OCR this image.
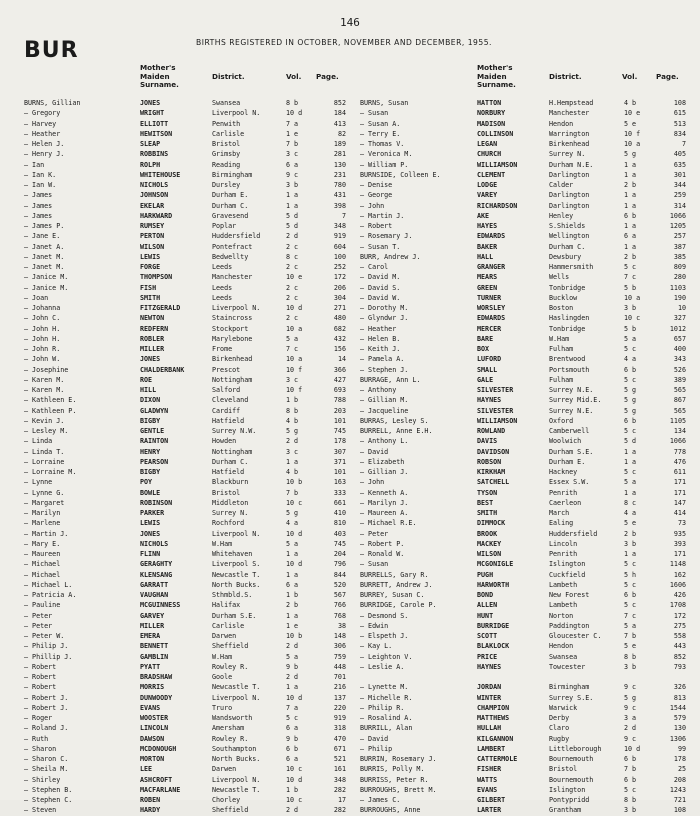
146
BUR	BIRTHS REGISTERED IN OCTOBER, NOVEMBER AND DECEMBER, 1955.
Mother's
Maiden
Surname.
District.	Vol. Page.
BURNS, Gillian	JONES	Swansea	8 b	852
— Gregory	WRIGHT	Liverpool N.	10 d	184
— Harvey	ELLIOTT	Penwith	7 a	413
— Heather	HEWITSON	Carlisle	1 e	82
— Helen J.	SLEAP	Bristol	7 b	189
— Henry J.	ROBBINS	Grimsby	3 c	281
— Ian	ROLPH	Reading	6 a	130
— Ian K.	WHITEHOUSE	Birmingham	9 c	231
— Ian W.	NICHOLS	Dursley	3 b	780
— James	JOHNSON	Durham E.	1 a	431
— James	EKELAR	Durham C.	1 a	398
— James	HARKWARD	Gravesend	5 d	7
— James P.	RUMSEY	Poplar	5 d	348
— Jane E.	PERTON	Huddersfield	2 d	919
— Janet A.	WILSON	Pontefract	2 c	604
— Janet M.	LEWIS	Bedwellty	8 c	100
— Janet M.	FORGE	Leeds	2 c	252
— Janice M.	THOMPSON	Manchester	10 e	172
— Janice M.	FISH	Leeds	2 c	206
— Joan	SMITH	Leeds	2 c	304
— Johanna	FITZGERALD	Liverpool N.	10 d	271
— John C.	NEWTON	Staincross	2 c	480
— John H.	REDFERN	Stockport	10 a	682
— John H.	ROBLER	Marylebone	5 a	432
— John R.	MILLER	Frome	7 c	156
— John W.	JONES	Birkenhead	10 a	14
— Josephine	CHALDERBANK	Prescot	10 f	366
— Karen M.	ROE	Nottingham	3 c	427
— Karen M.	HILL	Salford	10 f	693
— Kathleen E.	DIXON	Cleveland	1 b	788
— Kathleen P.	GLADWYN	Cardiff	8 b	203
— Kevin J.	BIGBY	Hatfield	4 b	101
— Lesley M.	GENTLE	Surrey N.W.	5 g	745
— Linda	RAINTON	Howden	2 d	178
— Linda T.	HENRY	Nottingham	3 c	307
— Lorraine	PEARSON	Durham C.	1 a	371
— Lorraine M.	BIGBY	Hatfield	4 b	101
— Lynne	POY	Blackburn	10 b	163
— Lynne G.	BOWLE	Bristol	7 b	333
— Margaret	ROBINSON	Middleton	10 c	661
— Marilyn	PARKER	Surrey N.	5 g	410
— Marlene	LEWIS	Rochford	4 a	810
— Martin J.	JONES	Liverpool N.	10 d	403
— Mary E.	NICHOLS	W.Ham	5 a	745
— Maureen	FLINN	Whitehaven	1 a	204
— Michael	GERAGHTY	Liverpool S.	10 d	796
— Michael	KLENSANG	Newcastle T.	1 a	844
— Michael L.	GARRATT	North Bucks.	6 a	520
— Patricia A.	VAUGHAN	Sthmbld.S.	1 b	567
— Pauline	MCGUINNESS	Halifax	2 b	766
— Peter	GARVEY	Durham S.E.	1 a	768
— Peter	MILLER	Carlisle	1 e	38
— Peter W.	EMERA	Darwen	10 b	148
— Philip J.	BENNETT	Sheffield	2 d	306
— Phillip J.	GAMBLIN	W.Ham	5 a	759
— Robert	PYATT	Rowley R.	9 b	448
— Robert	BRADSHAW	Goole	2 d	701
— Robert	MORRIS	Newcastle T.	1 a	216
— Robert J.	DUNWOODY	Liverpool N.	10 d	137
— Robert J.	EVANS	Truro	7 a	220
— Roger	WOOSTER	Wandsworth	5 c	919
— Roland J.	LINCOLN	Amersham	6 a	318
— Ruth	DAWSON	Rowley R.	9 b	470
— Sharon	MCDONOUGH	Southampton	6 b	671
— Sharon C.	MORTON	North Bucks.	6 a	521
— Sheila M.	LEE	Darwen	10 c	161
— Shirley	ASHCROFT	Liverpool N.	10 d	348
— Stephen B.	MACFARLANE	Newcastle T.	1 b	282
— Stephen C.	ROBEN	Chorley	10 c	17
— Steven	HARDY	Sheffield	2 d	282
Mother's
Maiden
Surname.
District.	Vol.	Page.
BURNS, Susan	HATTON	H.Hempstead	4 b	108
— Susan	NORBURY	Manchester	10 e	615
— Susan A.	MADISON	Hendon	5 e	513
— Terry E.	COLLINSON	Warrington	10 f	834
— Thomas V.	LEGAN	Birkenhead	10 a	7
— Veronica M.	CHURCH	Surrey N.	5 g	405
— William P.	WILLIAMSON	Durham N.E.	1 a	635
BURNSIDE, Colleen E.	CLEMENT	Darlington	1 a	301
— Denise	LODGE	Calder	2 b	344
— George	VAREY	Darlington	1 a	259
— John	RICHARDSON	Darlington	1 a	314
— Martin J.	AKE	Henley	6 b	1066
— Robert	HAYES	S.Shields	1 a	1205
— Rosemary J.	EDWARDS	Wellington	6 a	257
— Susan T.	BAKER	Durham C.	1 a	387
BURR, Andrew J.	HALL	Dewsbury	2 b	385
— Carol	GRANGER	Hammersmith	5 c	809
— David M.	MEARS	Wells	7 c	280
— David S.	GREEN	Tonbridge	5 b	1103
— David W.	TURNER	Bucklow	10 a	190
— Dorothy M.	WORSLEY	Boston	3 b	10
— Glyndwr J.	EDWARDS	Haslingden	10 c	327
— Heather	MERCER	Tonbridge	5 b	1012
— Helen B.	BARE	W.Ham	5 a	657
— Keith J.	BOX	Fulham	5 c	400
— Pamela A.	LUFORD	Brentwood	4 a	343
— Stephen J.	SMALL	Portsmouth	6 b	526
BURRAGE, Ann L.	GALE	Fulham	5 c	389
— Anthony	SILVESTER	Surrey N.E.	5 g	565
— Gillian M.	HAYNES	Surrey Mid.E.	5 g	867
— Jacqueline	SILVESTER	Surrey N.E.	5 g	565
BURRAS, Lesley S.	WILLIAMSON	Oxford	6 b	1105
BURRELL, Anne E.H.	ROWLAND	Camberwell	5 c	134
— Anthony L.	DAVIS	Woolwich	5 d	1066
— David	DAVIDSON	Durham S.E.	1 a	778
— Elizabeth	ROBSON	Durham E.	1 a	476
— Gillian J.	KIRKHAM	Hackney	5 c	611
— John	SATCHELL	Essex S.W.	5 a	171
— Kenneth A.	TYSON	Penrith	1 a	171
— Marilyn J.	BEST	Caerleon	8 c	147
— Maureen A.	SMITH	March	4 a	414
— Michael R.E.	DIMMOCK	Ealing	5 e	73
— Peter	BROOK	Huddersfield	2 b	935
— Robert P.	MACKEY	Lincoln	3 b	393
— Ronald W.	WILSON	Penrith	1 a	171
— Susan	MCGONIGLE	Islington	5 c	1148
BURRELLS, Gary R.	PUGH	Cuckfield	5 h	162
BURRETT, Andrew J.	HARWORTH	Lambeth	5 c	1606
BURREY, Susan C.	BOND	New Forest	6 b	426
BURRIDGE, Carole P.	ALLEN	Lambeth	5 c	1708
— Desmond S.	HUNT	Norton	7 c	172
— Edwin	BURRIDGE	Paddington	5 a	275
— Elspeth J.	SCOTT	Gloucester C.	7 b	558
— Kay L.	BLAKLOCK	Hendon	5 e	443
— Leighton V.	PRICE	Swansea	8 b	852
— Leslie A.	HAYNES	Towcester	3 b	793
— Lynette M.	JORDAN	Birmingham	9 c	326
— Michelle R.	WINTER	Surrey S.E.	5 g	813
— Philip R.	CHAMPION	Warwick	9 c	1544
— Rosalind A.	MATTHEWS	Derby	3 a	579
BURRILL, Alan	HULLAH	Claro	2 d	130
— David	KILGANNON	Rugby	9 c	1306
— Philip	LAMBERT	Littleborough	10 d	99
BURRIN, Rosemary J.	CATTERMOLE	Bournemouth	6 b	178
BURRIS, Polly M.	FISHER	Bristol	7 b	25
BURRISS, Peter R.	WATTS	Bournemouth	6 b	208
BURROUGHS, Brett M.	EVANS	Islington	5 c	1243
— James C.	GILBERT	Pontypridd	8 b	721
BURROUGHS, Anne	LARTER	Grantham	3 b	108
